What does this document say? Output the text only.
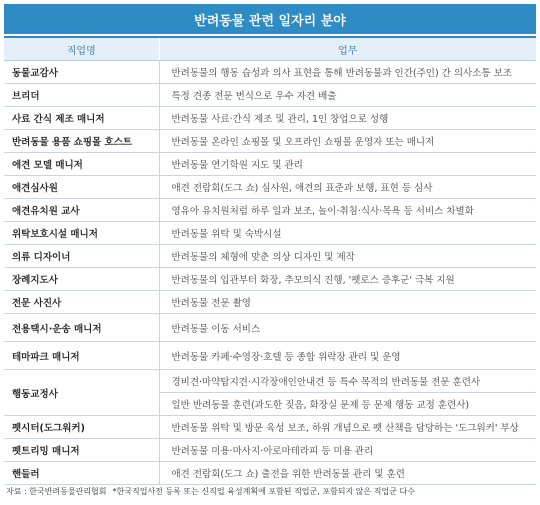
반려동물 관련 일자리 분야
직업명	업무
동물교감사	반려동물의 행동 습성과 의사 표현을 통해 반려동물과 인간(주인) 간 의사소통 보조
브리더	특정 견종 전문 번식으로 우수 자견 배출
사료 간식 제조 매니저	반려동물 사료·간식 제조 및 관리, 1인 창업으로 성행
반려동물 용품 쇼핑몰 호스트	반려동물 온라인 쇼핑몰 및 오프라인 쇼핑몰 운영자 또는 매니저
애견 모델 매니저	반려동물 연기학원 지도 및 관리
애견심사원	애견 전람회(도그 쇼) 심사원, 애견의 표준과 보행, 표현 등 심사
애견유치원 교사	영유아 유치원처럼 하루 일과 보조, 놀이·취침·식사·목욕 등 서비스 차별화
위탁보호시설 매니저	반려동물 위탁 및 숙박시설
의류 디자이너	반려동물의 체형에 맞춘 의상 디자인 및 제작
장례지도사	반려동물의 입관부터 화장, 추모의식 진행, '펫로스 증후군' 극복 지원
전문 사진사	반려동물 전문 촬영
전용택시·운송 매니저	반려동물 이동 서비스
테마파크 매니저	반려동물 카페·수영장·호텔 등 종합 위락장 관리 및 운영
행동교정사	경비견·마약탐지견·시각장애인안내견 등 특수 목적의 반려동물 전문 훈련사
	일반 반려동물 훈련(과도한 짖음, 화장실 문제 등 문제 행동 교정 훈련사)
펫시터(도그워커)	반려동물 위탁 및 방문 육성 보조, 하위 개념으로 펫 산책을 담당하는 '도그워커' 부상
펫트리밍 매니저	반려동물 미용·마사지·아로마테라피 등 미용 관리
핸들러	애견 전람회(도그 쇼) 출전을 위한 반려동물 관리 및 훈련
자료 : 한국반려동물관리협회 *한국직업사전 등록 또는 신직업 육성계획에 포함된 직업군, 포함되지 않은 직업군 다수
